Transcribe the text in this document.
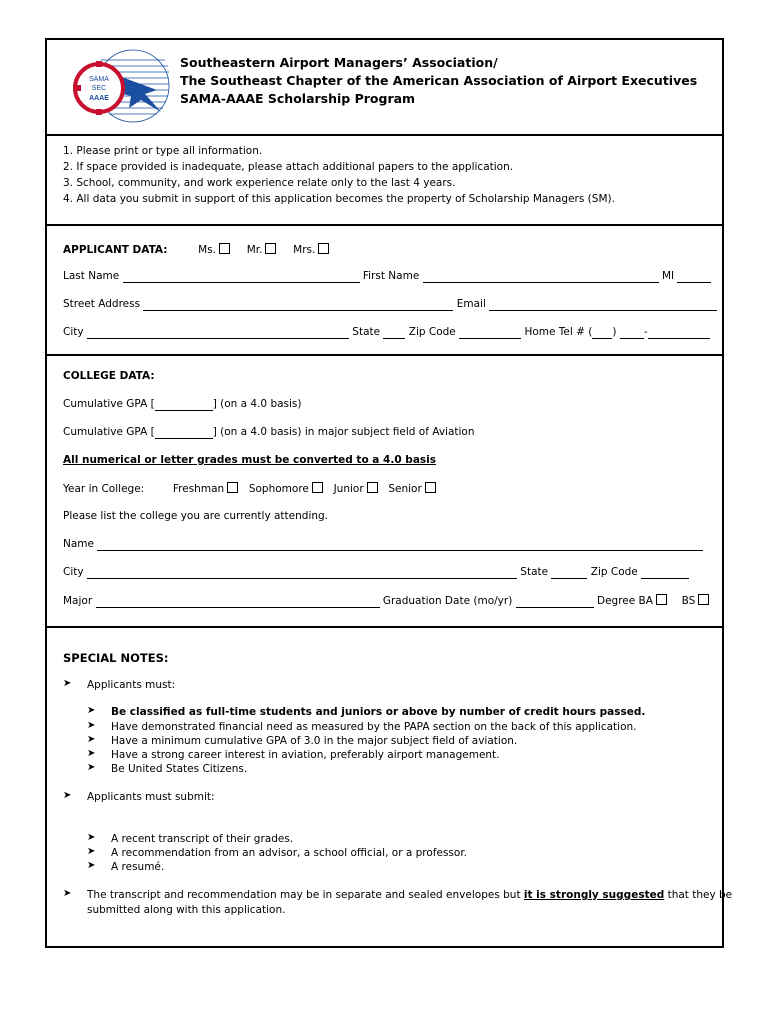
SAMA
SEC
AAAE
Southeastern Airport Managers’ Association/
The Southeast Chapter of the American Association of Airport Executives
SAMA-AAAE Scholarship Program
1. Please print or type all information.
2. If space provided is inadequate, please attach additional papers to the application.
3. School, community, and work experience relate only to the last 4 years.
4. All data you submit in support of this application becomes the property of Scholarship Managers (SM).
APPLICANT DATA:	Ms.	Mr.	Mrs.
Last Name	First Name	MI
Street Address	Email
City	State	Zip Code	Home Tel # ( )	-
COLLEGE DATA:
Cumulative GPA [	] (on a 4.0 basis)
Cumulative GPA [	] (on a 4.0 basis) in major subject field of Aviation
All numerical or letter grades must be converted to a 4.0 basis
Year in College:	Freshman Sophomore Junior Senior
Please list the college you are currently attending.
Name
City	State	Zip Code
Major	Graduation Date (mo/yr)	Degree BA	BS
SPECIAL NOTES:
➤ Applicants must:
➤ Be classified as full-time students and juniors or above by number of credit hours passed.
➤ Have demonstrated financial need as measured by the PAPA section on the back of this application.
➤ Have a minimum cumulative GPA of 3.0 in the major subject field of aviation.
➤ Have a strong career interest in aviation, preferably airport management.
➤ Be United States Citizens.
➤ Applicants must submit:
➤ A recent transcript of their grades.
➤ A recommendation from an advisor, a school official, or a professor.
➤ A resumé.
➤ The transcript and recommendation may be in separate and sealed envelopes but it is strongly suggested that they be
submitted along with this application.
